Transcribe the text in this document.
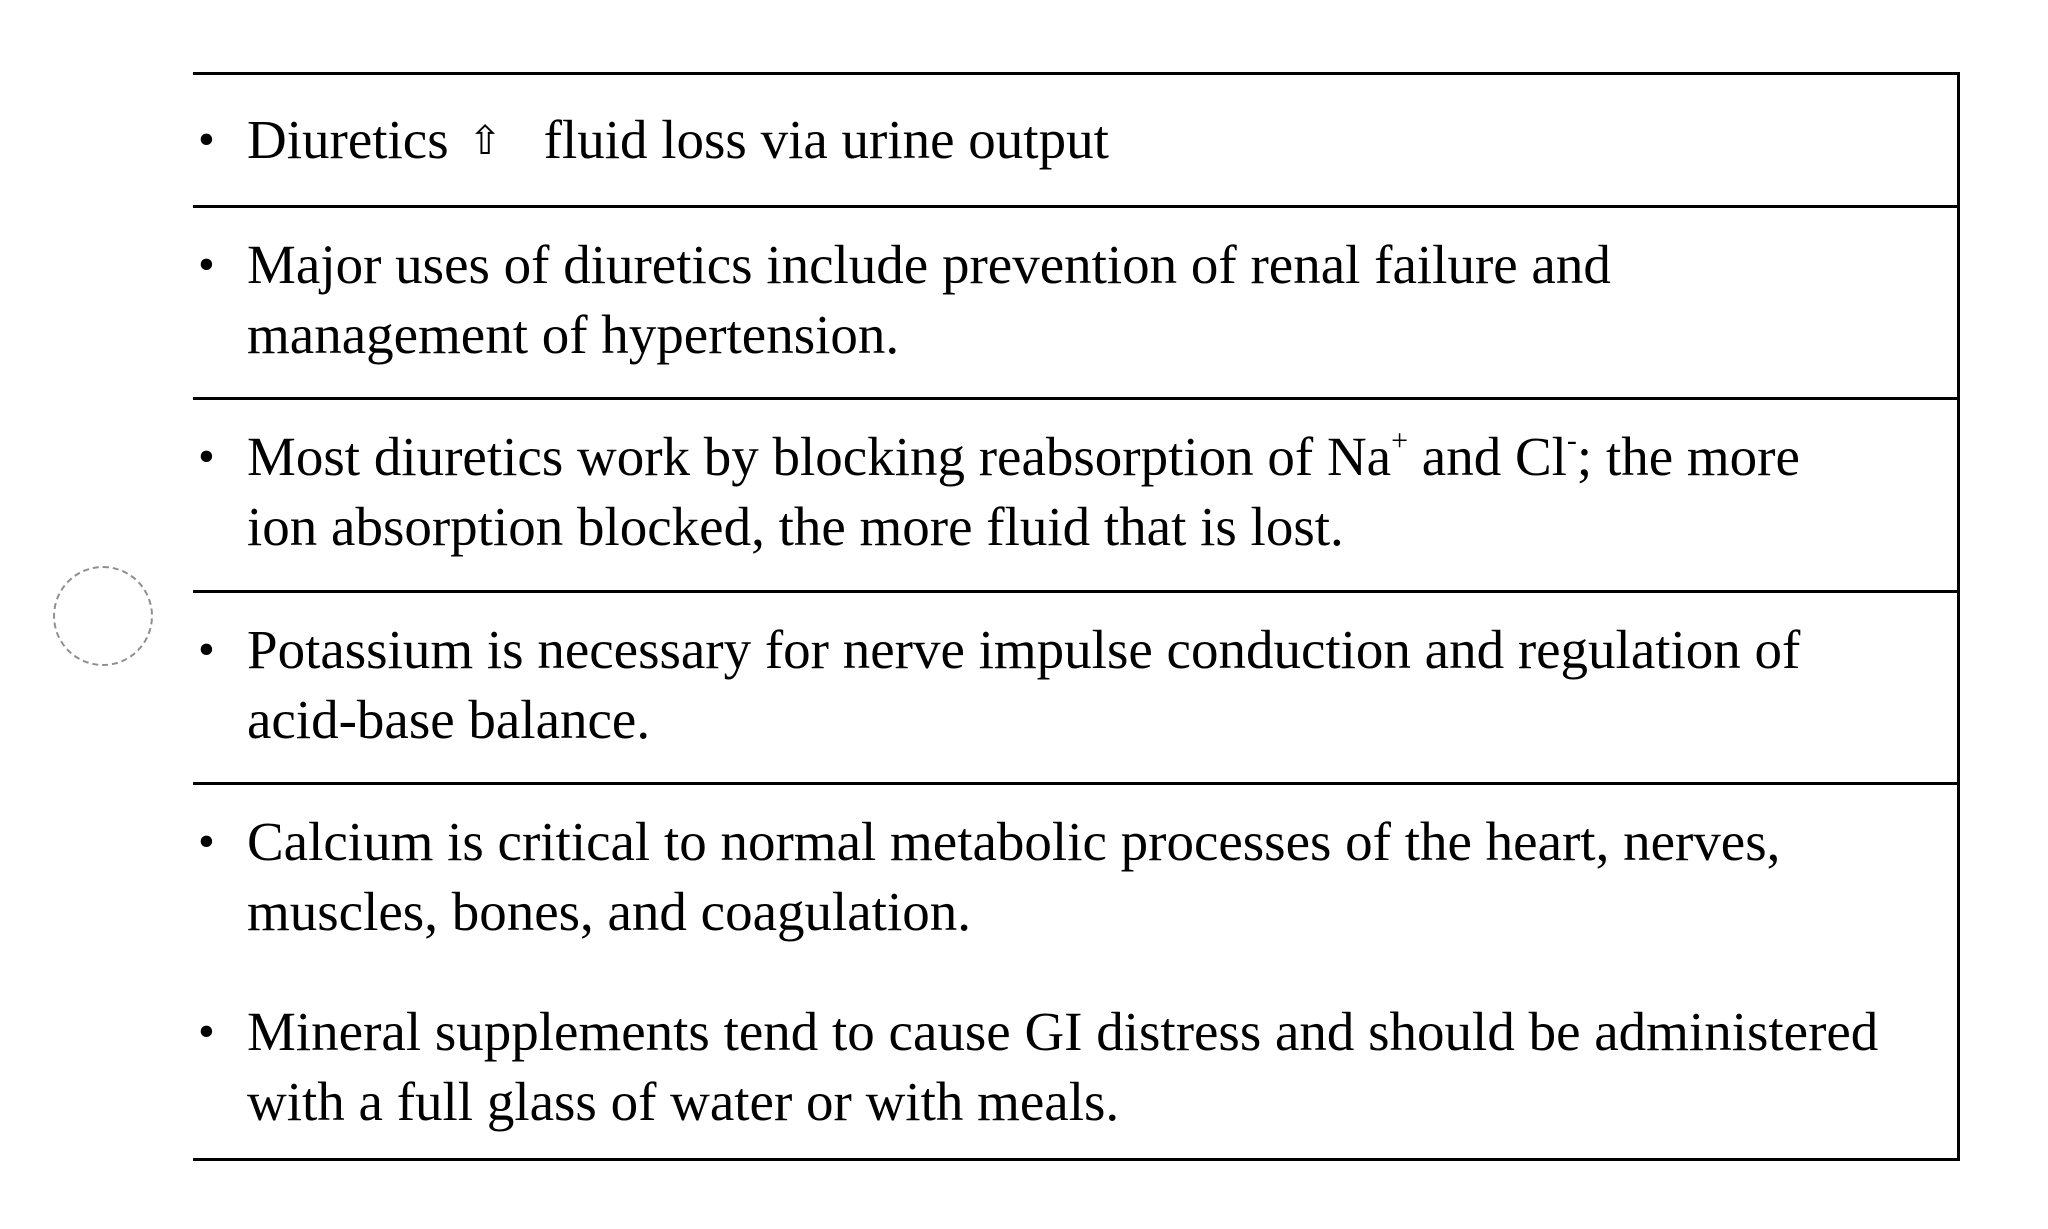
• Diuretics ⇧ fluid loss via urine output
• Major uses of diuretics include prevention of renal failure and
management of hypertension.
• Most diuretics work by blocking reabsorption of Na+ and Cl-; the more
ion absorption blocked, the more fluid that is lost.
• Potassium is necessary for nerve impulse conduction and regulation of
acid-base balance.
• Calcium is critical to normal metabolic processes of the heart, nerves,
muscles, bones, and coagulation.
• Mineral supplements tend to cause GI distress and should be administered
with a full glass of water or with meals.
